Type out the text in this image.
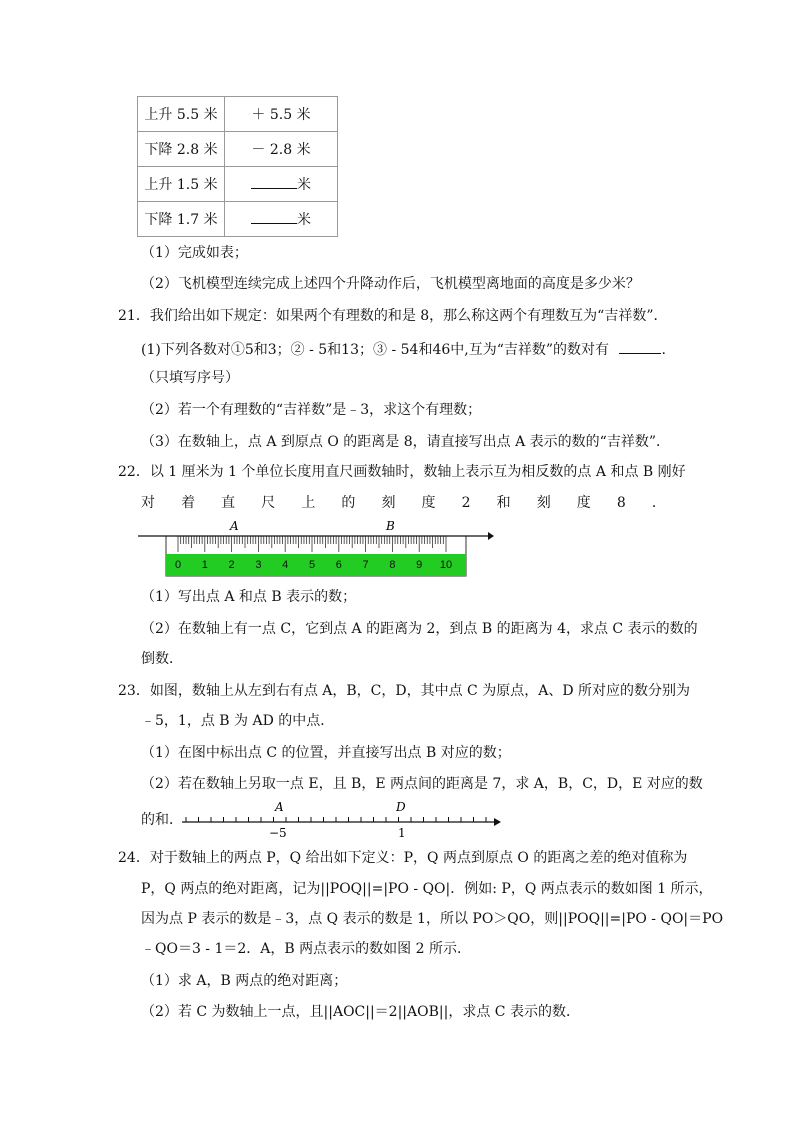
上升 5.5 米	＋ 5.5 米
下降 2.8 米	－ 2.8 米
上升 1.5 米	米
下降 1.7 米	米
（1）完成如表；
（2）飞机模型连续完成上述四个升降动作后，飞机模型离地面的高度是多少米？
21．我们给出如下规定：如果两个有理数的和是 8，那么称这两个有理数互为“吉祥数”．
(1)下列各数对①5和3；② - 5和13；③ - 54和46中,互为“吉祥数”的数对有	.
（只填写序号）
（2）若一个有理数的“吉祥数”是﹣3，求这个有理数；
（3）在数轴上，点 A 到原点 O 的距离是 8，请直接写出点 A 表示的数的“吉祥数”．
22．以 1 厘米为 1 个单位长度用直尺画数轴时，数轴上表示互为相反数的点 A 和点 B 刚好
对 着 直 尺 上 的 刻 度 2 和 刻 度 8 ．
A	B
0 1 2 3 4 5 6 7 8 9 10
（1）写出点 A 和点 B 表示的数；
（2）在数轴上有一点 C，它到点 A 的距离为 2，到点 B 的距离为 4，求点 C 表示的数的
倒数．
23．如图，数轴上从左到右有点 A，B，C，D，其中点 C 为原点，A、D 所对应的数分别为
﹣5，1，点 B 为 AD 的中点．
（1）在图中标出点 C 的位置，并直接写出点 B 对应的数；
（2）若在数轴上另取一点 E，且 B，E 两点间的距离是 7，求 A，B，C，D，E 对应的数
的和．
A	D
−5	1
24．对于数轴上的两点 P，Q 给出如下定义：P，Q 两点到原点 O 的距离之差的绝对值称为
P，Q 两点的绝对距离，记为||POQ||=|PO - QO|．例如: P，Q 两点表示的数如图 1 所示，
因为点 P 表示的数是﹣3，点 Q 表示的数是 1，所以 PO＞QO，则||POQ||=|PO - QO|＝PO
﹣QO＝3 - 1＝2．A，B 两点表示的数如图 2 所示．
（1）求 A，B 两点的绝对距离；
（2）若 C 为数轴上一点，且||AOC||＝2||AOB||，求点 C 表示的数．
